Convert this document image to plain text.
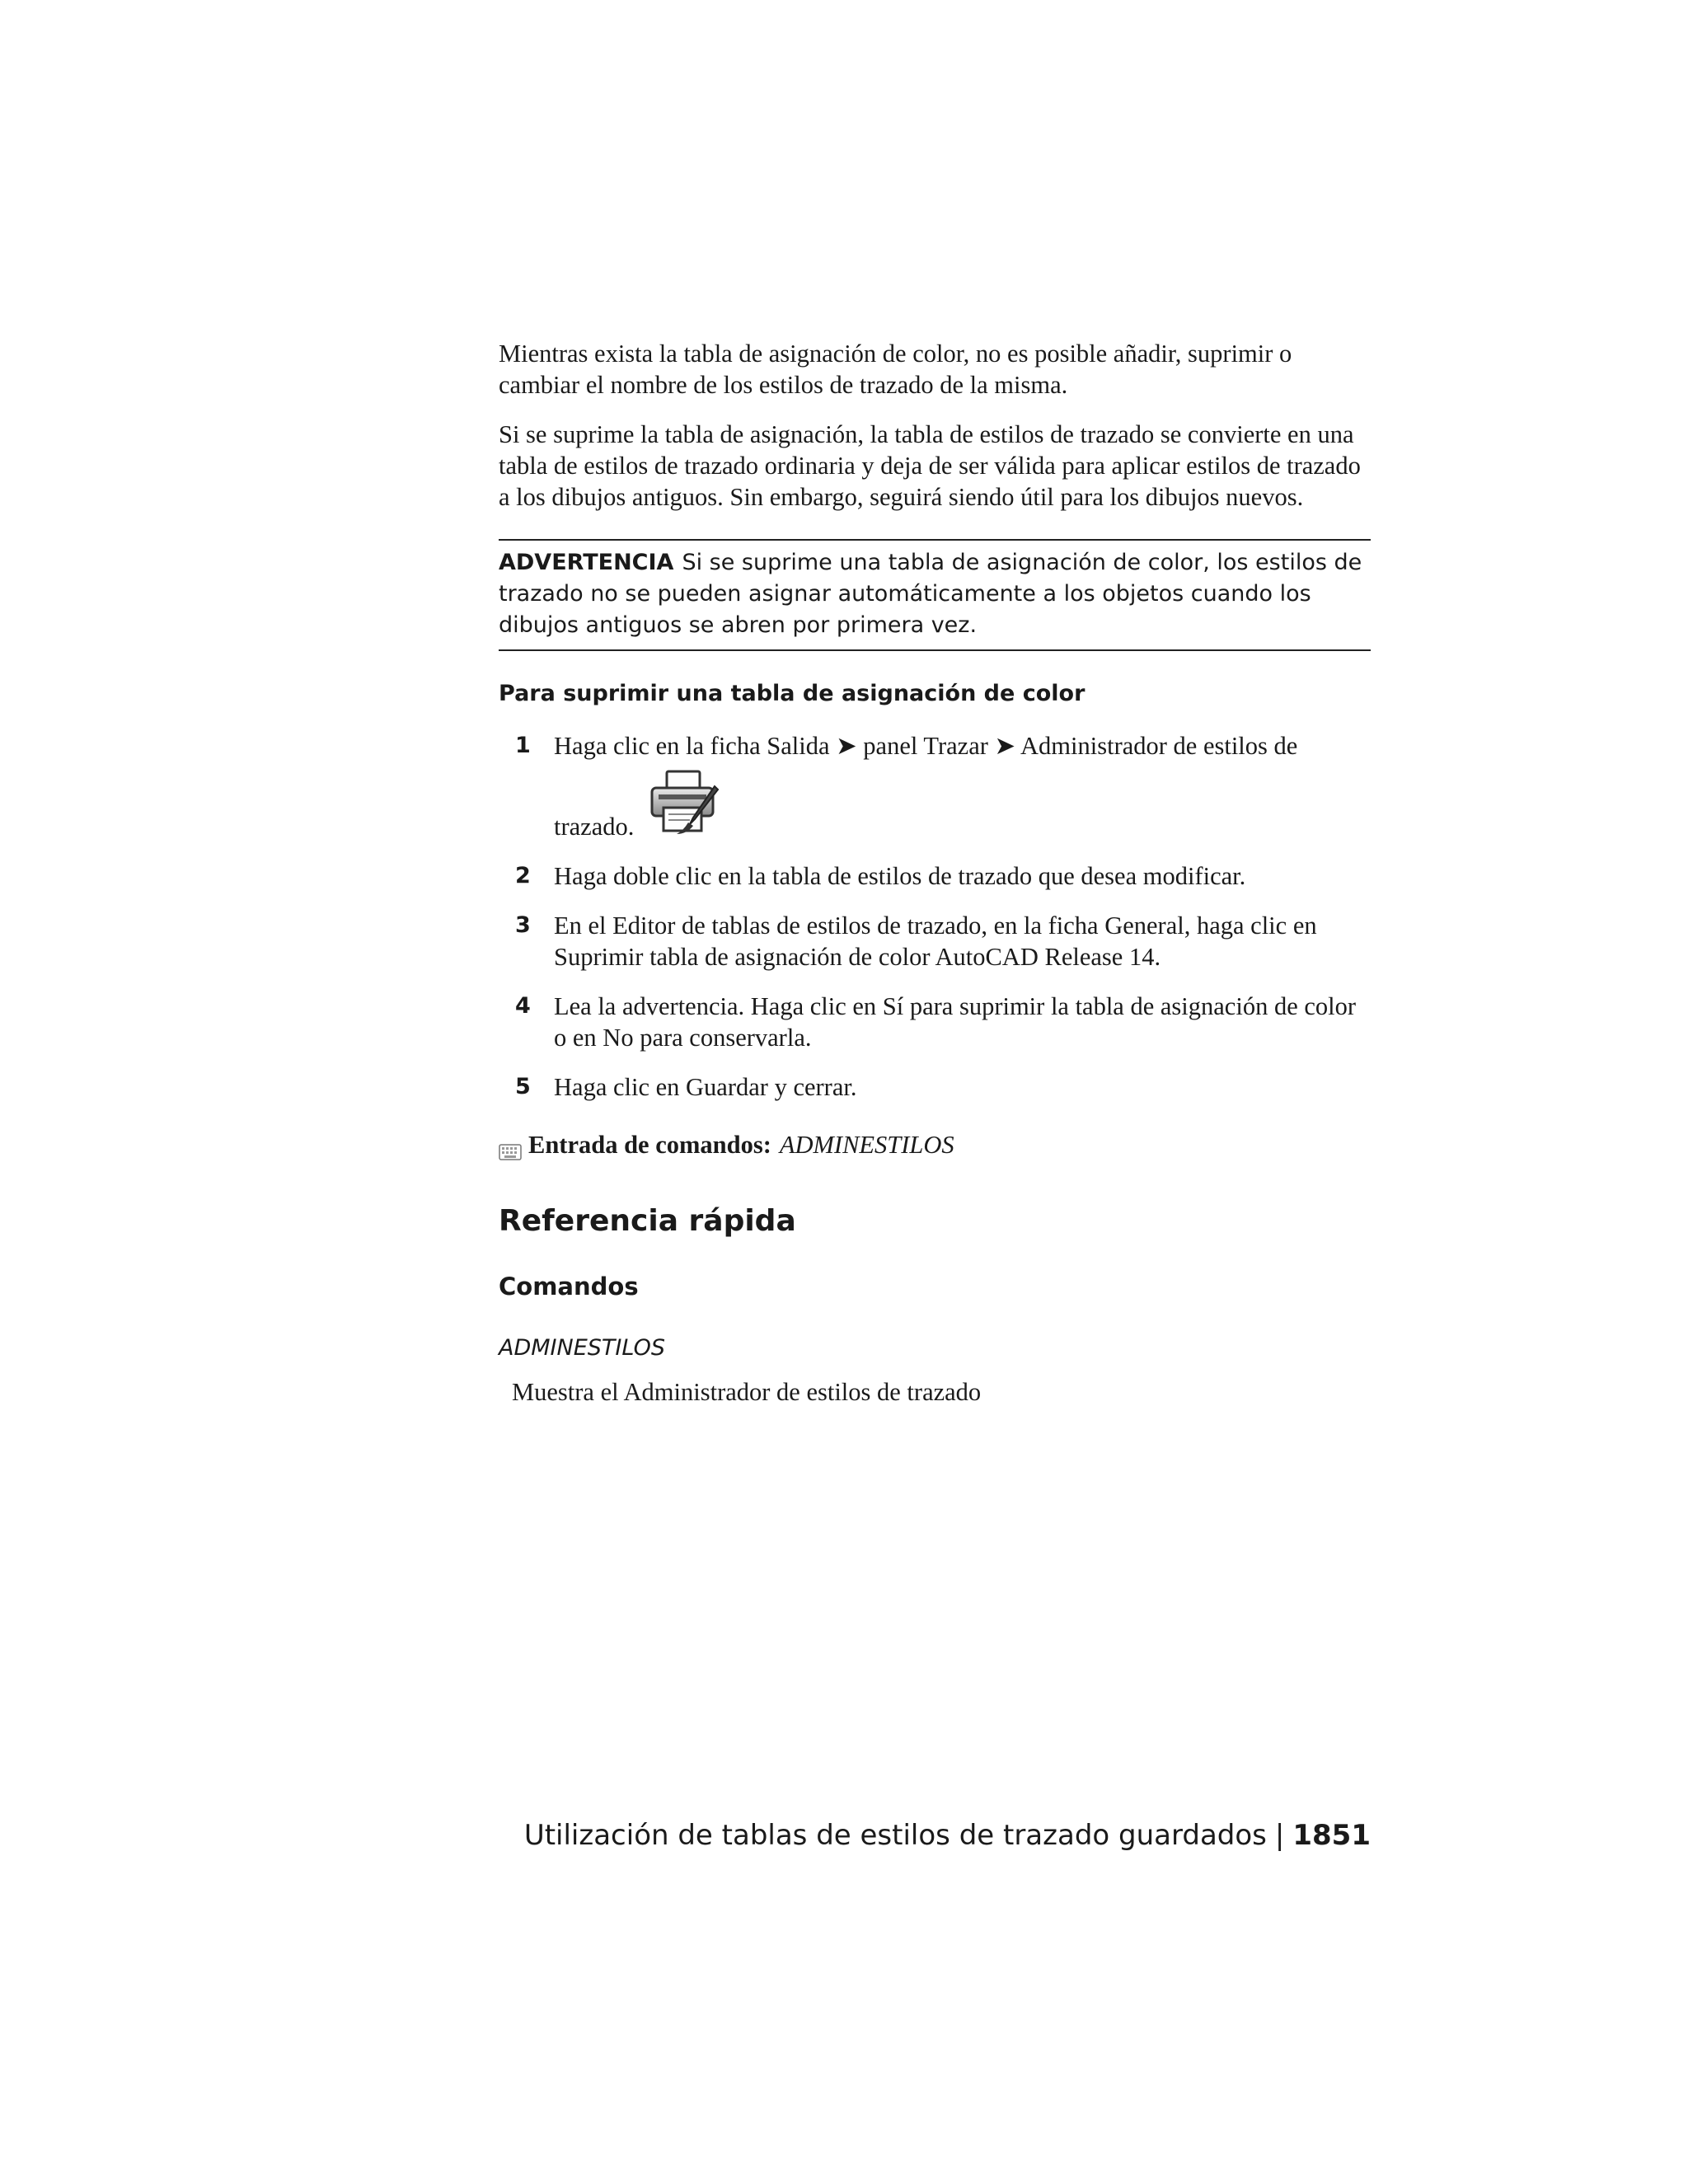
Mientras exista la tabla de asignación de color, no es posible añadir, suprimir o cambiar el nombre de los estilos de trazado de la misma.

Si se suprime la tabla de asignación, la tabla de estilos de trazado se convierte en una tabla de estilos de trazado ordinaria y deja de ser válida para aplicar estilos de trazado a los dibujos antiguos. Sin embargo, seguirá siendo útil para los dibujos nuevos.

ADVERTENCIA Si se suprime una tabla de asignación de color, los estilos de trazado no se pueden asignar automáticamente a los objetos cuando los dibujos antiguos se abren por primera vez.
Para suprimir una tabla de asignación de color
1 Haga clic en la ficha Salida ➤ panel Trazar ➤ Administrador de estilos de
trazado.
2 Haga doble clic en la tabla de estilos de trazado que desea modificar.
3 En el Editor de tablas de estilos de trazado, en la ficha General, haga clic en Suprimir tabla de asignación de color AutoCAD Release 14.
4 Lea la advertencia. Haga clic en Sí para suprimir la tabla de asignación de color o en No para conservarla.
5 Haga clic en Guardar y cerrar.
Entrada de comandos: ADMINESTILOS
Referencia rápida
Comandos
ADMINESTILOS
Muestra el Administrador de estilos de trazado
Utilización de tablas de estilos de trazado guardados | 1851
